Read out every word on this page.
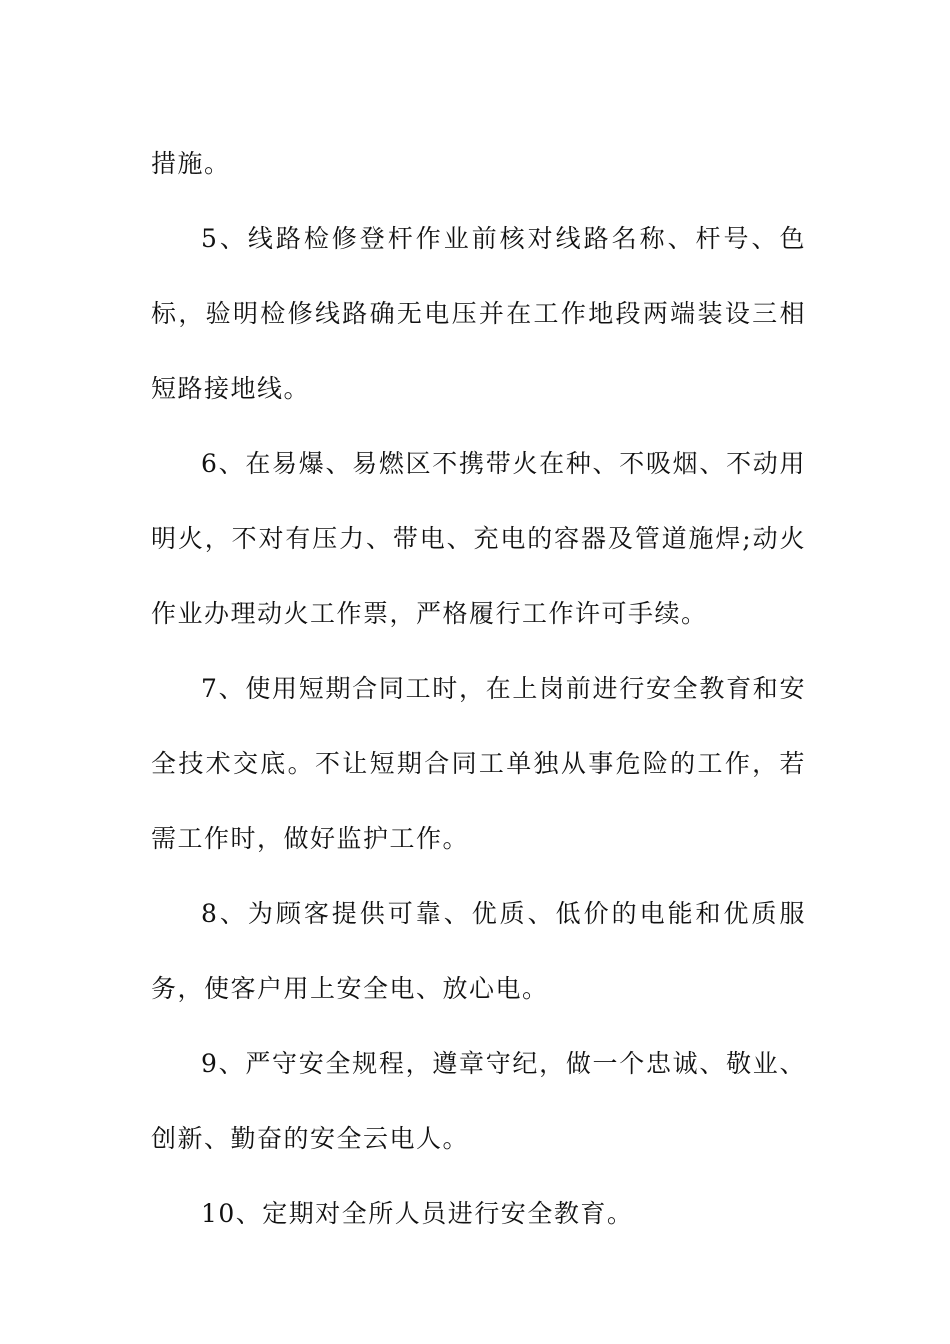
措施。

5、线路检修登杆作业前核对线路名称、杆号、色标，验明检修线路确无电压并在工作地段两端装设三相短路接地线。

6、在易爆、易燃区不携带火在种、不吸烟、不动用明火，不对有压力、带电、充电的容器及管道施焊;动火作业办理动火工作票，严格履行工作许可手续。

7、使用短期合同工时，在上岗前进行安全教育和安全技术交底。不让短期合同工单独从事危险的工作，若需工作时，做好监护工作。

8、为顾客提供可靠、优质、低价的电能和优质服务，使客户用上安全电、放心电。

9、严守安全规程，遵章守纪，做一个忠诚、敬业、创新、勤奋的安全云电人。

10、定期对全所人员进行安全教育。
